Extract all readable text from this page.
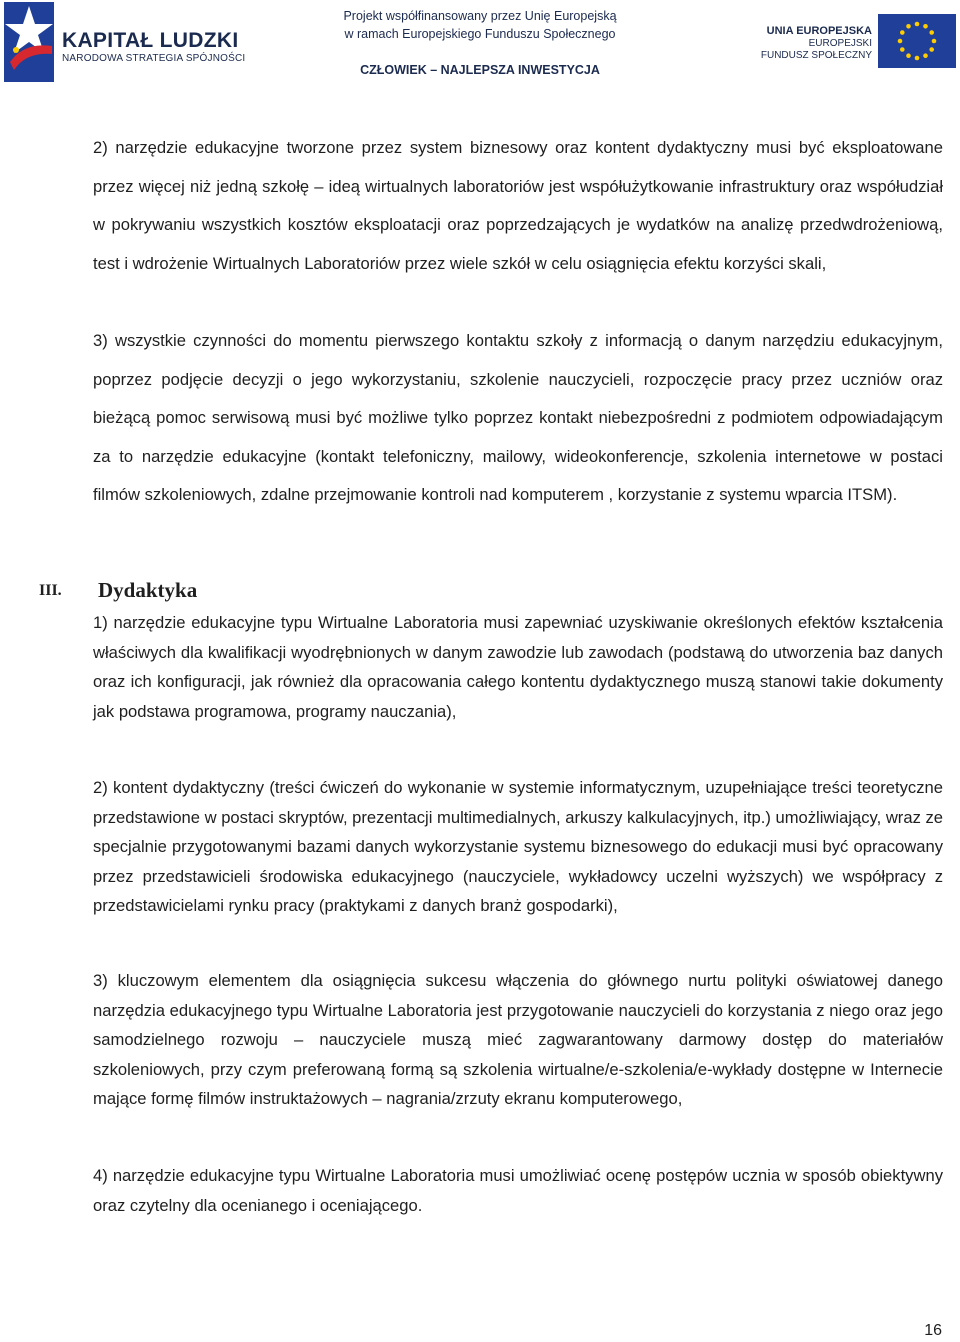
KAPITAŁ LUDZKI
NARODOWA STRATEGIA SPÓJNOŚCI
Projekt współfinansowany przez Unię Europejską
w ramach Europejskiego Funduszu Społecznego
CZŁOWIEK – NAJLEPSZA INWESTYCJA
UNIA EUROPEJSKA
EUROPEJSKI
FUNDUSZ SPOŁECZNY
2) narzędzie edukacyjne tworzone przez system biznesowy oraz kontent dydaktyczny musi być eksploatowane przez więcej niż jedną szkołę – ideą wirtualnych laboratoriów jest współużytkowanie infrastruktury oraz współudział w pokrywaniu wszystkich kosztów eksploatacji oraz poprzedzających je wydatków na analizę przedwdrożeniową, test i wdrożenie Wirtualnych Laboratoriów przez wiele szkół w celu osiągnięcia efektu korzyści skali,
3) wszystkie czynności do momentu pierwszego kontaktu szkoły z informacją o danym narzędziu edukacyjnym, poprzez podjęcie decyzji o jego wykorzystaniu, szkolenie nauczycieli, rozpoczęcie pracy przez uczniów oraz bieżącą pomoc serwisową musi być możliwe tylko poprzez kontakt niebezpośredni z podmiotem odpowiadającym za to narzędzie edukacyjne (kontakt telefoniczny, mailowy, wideokonferencje, szkolenia internetowe w postaci filmów szkoleniowych, zdalne przejmowanie kontroli nad komputerem , korzystanie z systemu wparcia ITSM).
III. Dydaktyka
1) narzędzie edukacyjne typu Wirtualne Laboratoria musi zapewniać uzyskiwanie określonych efektów kształcenia właściwych dla kwalifikacji wyodrębnionych w danym zawodzie lub zawodach (podstawą do utworzenia baz danych oraz ich konfiguracji, jak również dla opracowania całego kontentu dydaktycznego muszą stanowi takie dokumenty jak podstawa programowa, programy nauczania),
2) kontent dydaktyczny (treści ćwiczeń do wykonanie w systemie informatycznym, uzupełniające treści teoretyczne przedstawione w postaci skryptów, prezentacji multimedialnych, arkuszy kalkulacyjnych, itp.) umożliwiający, wraz ze specjalnie przygotowanymi bazami danych wykorzystanie systemu biznesowego do edukacji musi być opracowany przez przedstawicieli środowiska edukacyjnego (nauczyciele, wykładowcy uczelni wyższych) we współpracy z przedstawicielami rynku pracy (praktykami z danych branż gospodarki),
3) kluczowym elementem dla osiągnięcia sukcesu włączenia do głównego nurtu polityki oświatowej danego narzędzia edukacyjnego typu Wirtualne Laboratoria jest przygotowanie nauczycieli do korzystania z niego oraz jego samodzielnego rozwoju – nauczyciele muszą mieć zagwarantowany darmowy dostęp do materiałów szkoleniowych, przy czym preferowaną formą są szkolenia wirtualne/e-szkolenia/e-wykłady dostępne w Internecie mające formę filmów instruktażowych – nagrania/zrzuty ekranu komputerowego,
4) narzędzie edukacyjne typu Wirtualne Laboratoria musi umożliwiać ocenę postępów ucznia w sposób obiektywny oraz czytelny dla ocenianego i oceniającego.
16
